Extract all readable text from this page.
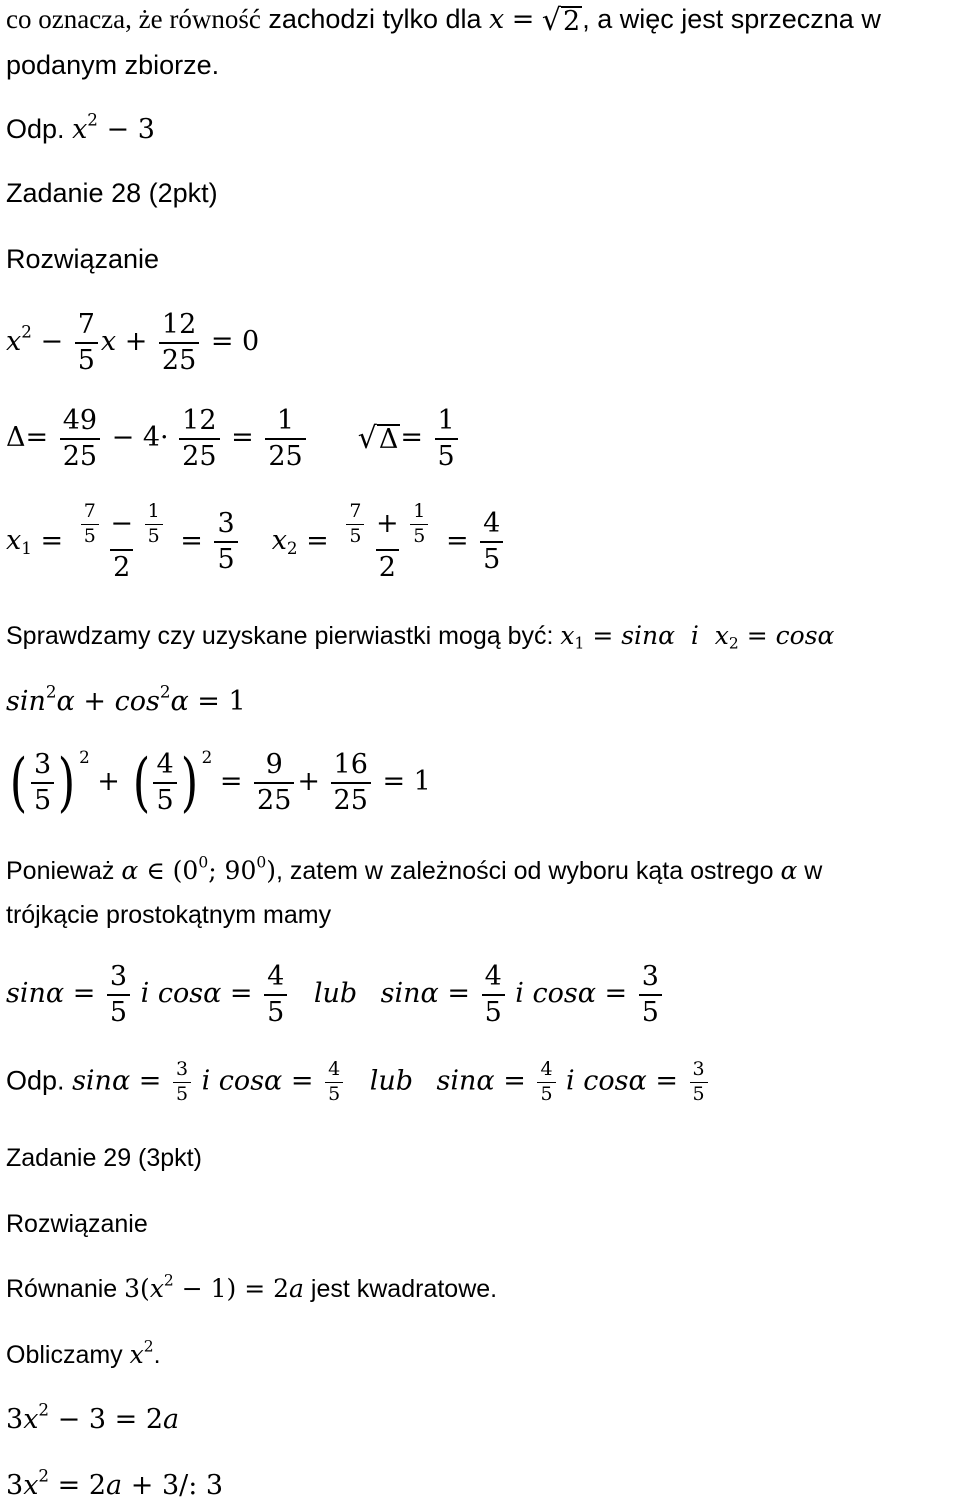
co oznacza, że równość zachodzi tylko dla x = √ 2 , a więc jest sprzeczna w
podanym zbiorze.
Odp. $x^2 - 3$
Zadanie 28 (2pkt)
Rozwiązanie
$x^2 - \frac{7}{5}$ $x + \frac{12}{25} = 0$
$\Delta= \frac{49}{25} - 4\cdot \frac{12}{25} = \frac{1}{25}$
√ $\Delta = \frac{1}{5}$
$x_1 = \frac{\frac{7}{5} - \frac{1}{5}}{2} = \frac{3}{5} x_2 = \frac{\frac{7}{5} + \frac{1}{5}}{2} = \frac{4}{5}$
Sprawdzamy czy uzyskane pierwiastki mogą być: $x_1 = \sin\alpha$  i  $x_2 = \cos\alpha$
$\sin^2\alpha + \cos^2\alpha = 1$
( $\frac{3}{5}$ ) $^2$ + ( $\frac{4}{5}$ ) $^2 = \frac{9}{25} + \frac{16}{25} = 1$
Ponieważ α ∈ ($0^0$; $90^0$), zatem w zależności od wyboru kąta ostrego α w
trójkącie prostokątnym mamy
$\sin\alpha = \frac{3}{5}$ i $\cos\alpha = \frac{4}{5}$ lub $\sin\alpha = \frac{4}{5}$ i $\cos\alpha = \frac{3}{5}$
Odp. $\sin\alpha = \frac{3}{5}$ i $\cos\alpha = \frac{4}{5}$ lub $\sin\alpha = \frac{4}{5}$ i $\cos\alpha = \frac{3}{5}$
Zadanie 29 (3pkt)
Rozwiązanie
Równanie $3(x^2 - 1) = 2a$ jest kwadratowe.
Obliczamy $x^2$.
$3x^2 - 3 = 2a$
$3x^2 = 2a + 3/$: 3
